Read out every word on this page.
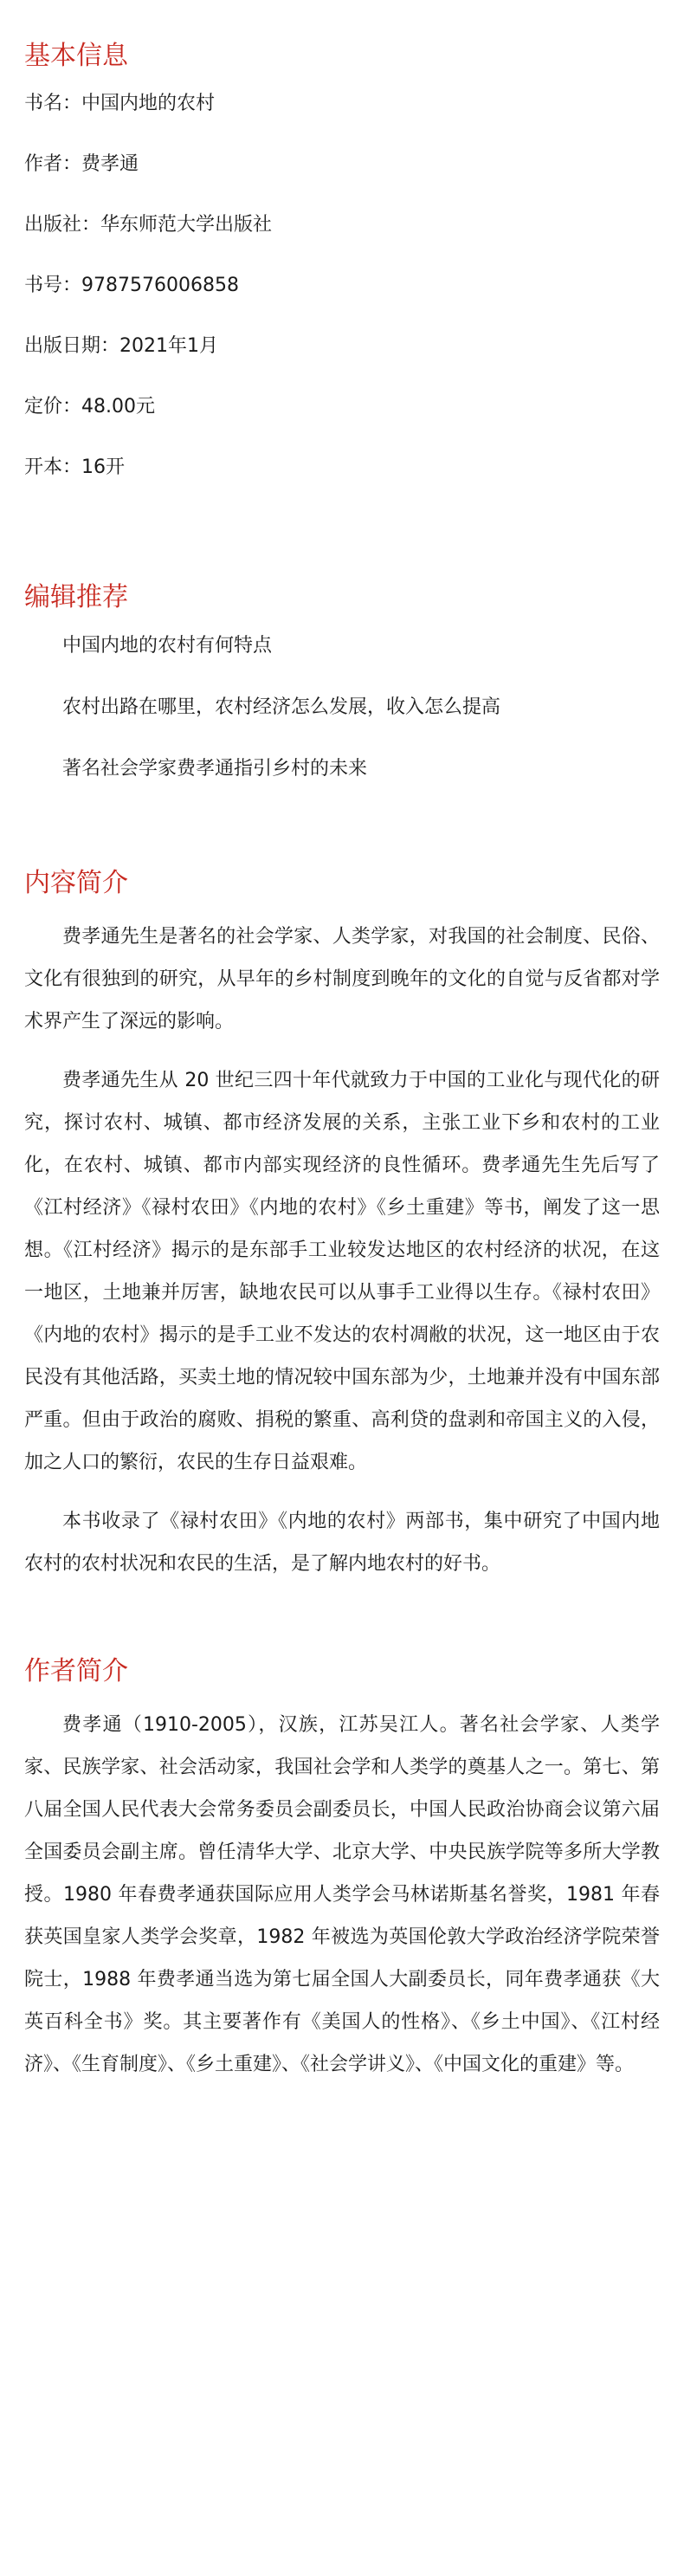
基本信息

书名：中国内地的农村

作者：费孝通

出版社：华东师范大学出版社

书号：9787576006858

出版日期：2021年1月

定价：48.00元

开本：16开

编辑推荐

中国内地的农村有何特点

农村出路在哪里，农村经济怎么发展，收入怎么提高

著名社会学家费孝通指引乡村的未来

内容简介

费孝通先生是著名的社会学家、人类学家，对我国的社会制度、民俗、文化有很独到的研究，从早年的乡村制度到晚年的文化的自觉与反省都对学术界产生了深远的影响。

费孝通先生从 20 世纪三四十年代就致力于中国的工业化与现代化的研究，探讨农村、城镇、都市经济发展的关系，主张工业下乡和农村的工业化，在农村、城镇、都市内部实现经济的良性循环。费孝通先生先后写了《江村经济》《禄村农田》《内地的农村》《乡土重建》等书，阐发了这一思想。《江村经济》揭示的是东部手工业较发达地区的农村经济的状况，在这一地区，土地兼并厉害，缺地农民可以从事手工业得以生存。《禄村农田》《内地的农村》揭示的是手工业不发达的农村凋敝的状况，这一地区由于农民没有其他活路，买卖土地的情况较中国东部为少，土地兼并没有中国东部严重。但由于政治的腐败、捐税的繁重、高利贷的盘剥和帝国主义的入侵，加之人口的繁衍，农民的生存日益艰难。

本书收录了《禄村农田》《内地的农村》两部书，集中研究了中国内地农村的农村状况和农民的生活，是了解内地农村的好书。

作者简介

费孝通（1910-2005），汉族，江苏吴江人。著名社会学家、人类学家、民族学家、社会活动家，我国社会学和人类学的奠基人之一。第七、第八届全国人民代表大会常务委员会副委员长，中国人民政治协商会议第六届全国委员会副主席。曾任清华大学、北京大学、中央民族学院等多所大学教授。1980 年春费孝通获国际应用人类学会马林诺斯基名誉奖，1981 年春获英国皇家人类学会奖章，1982 年被选为英国伦敦大学政治经济学院荣誉院士，1988 年费孝通当选为第七届全国人大副委员长，同年费孝通获《大英百科全书》奖。其主要著作有《美国人的性格》、《乡土中国》、《江村经济》、《生育制度》、《乡土重建》、《社会学讲义》、《中国文化的重建》等。
